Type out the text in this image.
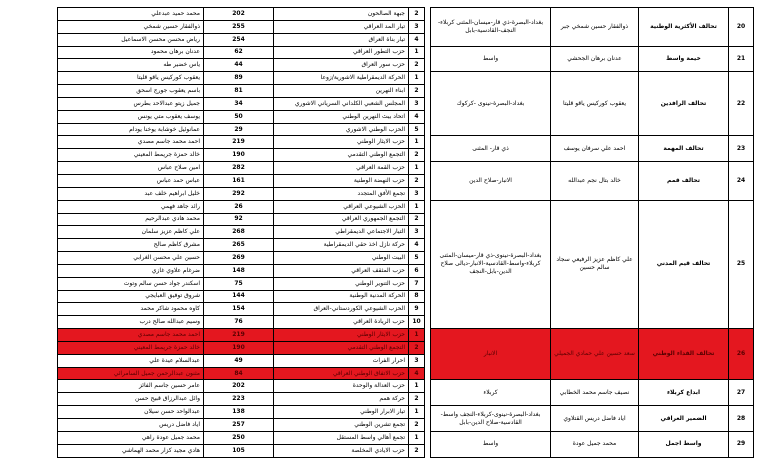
محمد حميد عبدعلي	202	جبهة الصالحون	2		بغداد-البصرة-ذي قار-ميسان-المثنى كربلاء-النجف-القادسية-بابل	ذوالفقار حسين شمخي جبر	تحالف الأكثرية الوطنية	20
ذوالفقار حسين شمخي	255	تيار المد العراقي	3					
رياض محسن محسن الاسماعيل	254	تيار بناة العراق	4					
عدنان برهان محمود	62	حزب التطور العراقي	1		واسط	عدنان برهان الجحشي	خيمة واسط	21
ياس خضير طه	44	حزب سور العراق	2					
يعقوب كوركيس ياقو قليتا	89	الحركة الديمقراطية الاشورية/زوعا	1		بغداد-البصرة-نينوى -كركوك	يعقوب كوركيس ياقو قليتا	تحالف الرافدين	22
باسم يعقوب جورج اسحق	81	ابناء النهرين	2					
جميل زيتو عبدالاحد بطرس	34	المجلس الشعبي الكلداني السرياني الاشوري	3					
يوسف يعقوب متي يونس	50	اتحاد بيث النهرين الوطني	4					
عمانوئيل خوشابة يوخنا يودام	29	الحزب الوطني الاشوري	5					
احمد محمد جاسم مصدي	219	حزب الايثار الوطني	1		ذي قار- المثنى	احمد علي سرفان يوسف	تحالف المهمة	23
خالد حمزة جريمط المعيني	190	التجمع الوطني التقدمي	2					
امين صلاح عباس	282	حزب القمة العراقي	1		الانبار-صلاح الدين	خالد بتال نجم عبدالله	تحالف قمم	24
عباس حمد عباس	161	حزب النهضة الوطنية	2					
خليل ابراهيم خلف عبد	292	تجمع الأفق المتجدد	3					
رائد جاهد فهمي	26	الحزب الشيوعي العراقي	1		بغداد-البصرة-نينوى-ذي قار-ميسان-المثنى كربلاء-واسط-القادسية-الانبار-ديالى صلاح الدين-بابل-النجف	علي كاظم عزيز الرفيعي سجاد سالم حسين	تحالف قيم المدني	25
محمد هادي عبدالرحيم	92	التجمع الجمهوري العراقي	2					
علي كاظم عزيز سلمان	268	التيار الاجتماعي الديمقراطي	3					
مشرق كاظم صالح	265	حركة نازل اخذ حقي الديمقراطية	4					
حسين علي محسن الغرابي	269	البيت الوطني	5					
ضرغام علاوي غازي	148	حزب المثقف العراقي	6					
اسكندر جواد حسن سالم وتوت	75	حزب التنوير الوطني	7					
شروق توفيق العبايجي	144	الحركة المدنية الوطنية	8					
كاوه محمود شاكر محمد	154	الحزب الشيوعي الكوردستاني-العراق	9					
وسيم عبدالله صالح درب	76	حزب الريادة العراقي	10					
احمد محمد جاسم مصدي	219	حزب الايثار الوطني	1		الانبار	سعد حسين علي حمادي الجميلي	تحالف الفداء الوطني	26
خالد حمزة جريمط المعيني	190	التجمع الوطني التقدمي	2					
عبدالسلام عيدة علي	49	احرار الفرات	3					
مثنون عبدالرحمن جميل السامرائي	84	حزب الاتفاق الوطني العراقي	4					
عامر حسين جاسم الفائز	202	حزب العدالة والوحدة	1		كربلاء	نصيف جاسم محمد الخطابي	ابداع كربلاء	27
وائل عبدالرزاق قبيح حسن	223	حركة همم	2					
عبدالواحد حسن سيلان	138	تيار الابرار الوطني	1		بغداد-البصرة-نينوى-كربلاء-النجف واسط-القادسية-صلاح الدين-بابل	اياد فاضل دريس القتلاوي	الضمير العراقي	28
اياد فاضل دريس	257	تجمع تشرين الوطني	2					
محمد جميل عودة راهي	250	تجمع أهالي واسط المستقل	1		واسط	محمد جميل عودة	واسط اجمل	29
هادي مجيد كزار محمد الهماشي	105	حزب الايادي المخلصة	2					
